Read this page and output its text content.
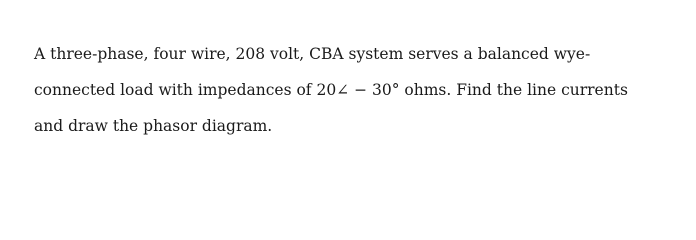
A three-phase, four wire, 208 volt, CBA system serves a balanced wye-
connected load with impedances of 20∠ − 30° ohms. Find the line currents
and draw the phasor diagram.
